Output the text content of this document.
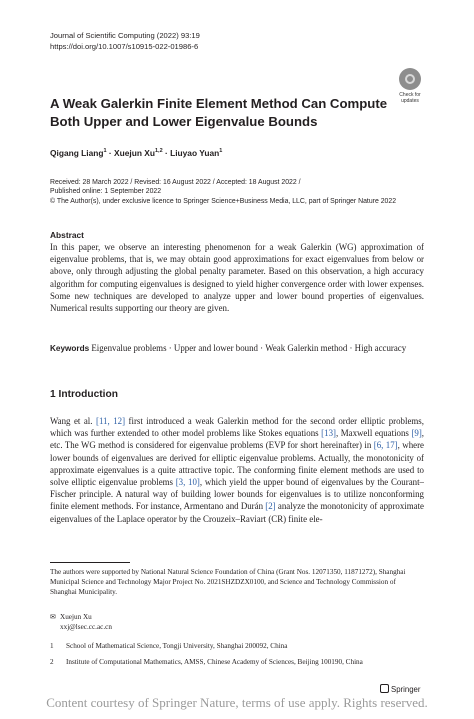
Journal of Scientific Computing (2022) 93:19
https://doi.org/10.1007/s10915-022-01986-6
Check for
updates
A Weak Galerkin Finite Element Method Can Compute Both Upper and Lower Eigenvalue Bounds
Qigang Liang$^1$ · Xuejun Xu$^{1,2}$ · Liuyao Yuan$^1$
Received: 28 March 2022 / Revised: 16 August 2022 / Accepted: 18 August 2022 /
Published online: 1 September 2022
© The Author(s), under exclusive licence to Springer Science+Business Media, LLC, part of Springer Nature 2022
Abstract
In this paper, we observe an interesting phenomenon for a weak Galerkin (WG) approximation of eigenvalue problems, that is, we may obtain good approximations for exact eigenvalues from below or above, only through adjusting the global penalty parameter. Based on this observation, a high accuracy algorithm for computing eigenvalues is designed to yield higher convergence order with lower expenses. Some new techniques are developed to analyze upper and lower bound properties of eigenvalues. Numerical results supporting our theory are given.
Keywords Eigenvalue problems · Upper and lower bound · Weak Galerkin method · High accuracy
1 Introduction
Wang et al. [11, 12] first introduced a weak Galerkin method for the second order elliptic problems, which was further extended to other model problems like Stokes equations [13], Maxwell equations [9], etc. The WG method is considered for eigenvalue problems (EVP for short hereinafter) in [6, 17], where lower bounds of eigenvalues are derived for elliptic eigenvalue problems. Actually, the monotonicity of approximate eigenvalues is a quite attractive topic. The conforming finite element methods are used to solve elliptic eigenvalue problems [3, 10], which yield the upper bound of eigenvalues by the Courant–Fischer principle. A natural way of building lower bounds for eigenvalues is to utilize nonconforming finite element methods. For instance, Armentano and Durán [2] analyze the monotonicity of approximate eigenvalues of the Laplace operator by the Crouzeix–Raviart (CR) finite ele-
The authors were supported by National Natural Science Foundation of China (Grant Nos. 12071350, 11871272), Shanghai Municipal Science and Technology Major Project No. 2021SHZDZX0100, and Science and Technology Commission of Shanghai Municipality.
✉ Xuejun Xu
xxj@lsec.cc.ac.cn
1 School of Mathematical Science, Tongji University, Shanghai 200092, China
2 Institute of Computational Mathematics, AMSS, Chinese Academy of Sciences, Beijing 100190, China
Springer
Content courtesy of Springer Nature, terms of use apply. Rights reserved.
